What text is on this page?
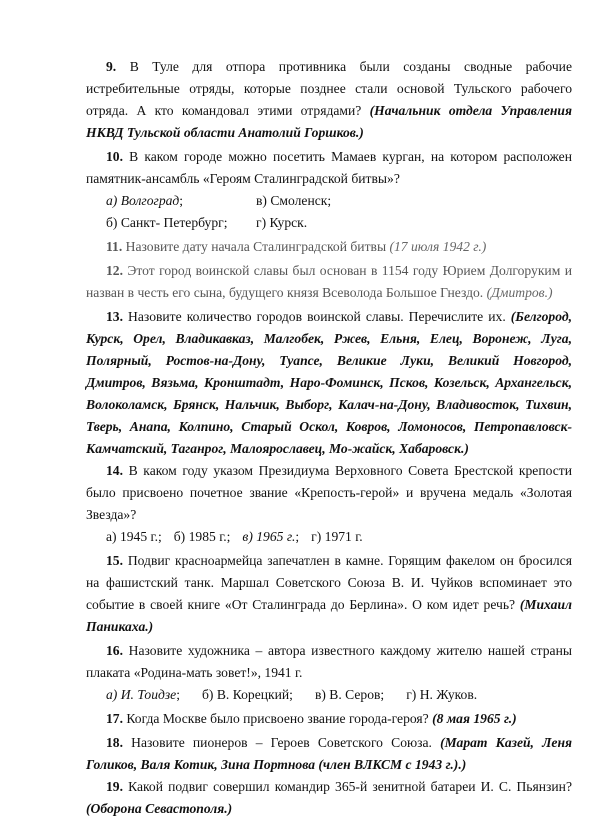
9. В Туле для отпора противника были созданы сводные рабочие истребительные отряды, которые позднее стали основой Тульского рабочего отряда. А кто командовал этими отрядами? (Начальник отдела Управления НКВД Тульской области Анатолий Горшков.)

10. В каком городе можно посетить Мамаев курган, на котором расположен памятник-ансамбль «Героям Сталинградской битвы»?

а) Волгоград;	в) Смоленск;
б) Санкт- Петербург;	г) Курск.

11. Назовите дату начала Сталинградской битвы (17 июля 1942 г.)

12. Этот город воинской славы был основан в 1154 году Юрием Долгоруким и назван в честь его сына, будущего князя Всеволода Большое Гнездо. (Дмитров.)

13. Назовите количество городов воинской славы. Перечислите их. (Белгород, Курск, Орел, Владикавказ, Малгобек, Ржев, Ельня, Елец, Воронеж, Луга, Полярный, Ростов-на-Дону, Туапсе, Великие Луки, Великий Новгород, Дмитров, Вязьма, Кронштадт, Наро-Фоминск, Псков, Козельск, Архангельск, Волоколамск, Брянск, Нальчик, Выборг, Калач-на-Дону, Владивосток, Тихвин, Тверь, Анапа, Колпино, Старый Оскол, Ковров, Ломоносов, Петропавловск-Камчатский, Таганрог, Малоярославец, Мо-жайск, Хабаровск.)

14. В каком году указом Президиума Верховного Совета Брестской крепости было присвоено почетное звание «Крепость-герой» и вручена медаль «Золотая Звезда»?

а) 1945 г.; б) 1985 г.; в) 1965 г.; г) 1971 г.

15. Подвиг красноармейца запечатлен в камне. Горящим факелом он бросился на фашистский танк. Маршал Советского Союза В. И. Чуйков вспоминает это событие в своей книге «От Сталинграда до Берлина». О ком идет речь? (Михаил Паникаха.)

16. Назовите художника – автора известного каждому жителю нашей страны плаката «Родина-мать зовет!», 1941 г.

а) И. Тоидзе; б) В. Корецкий; в) В. Серов; г) Н. Жуков.

17. Когда Москве было присвоено звание города-героя? (8 мая 1965 г.)

18. Назовите пионеров – Героев Советского Союза. (Марат Казей, Леня Голиков, Валя Котик, Зина Портнова (член ВЛКСМ с 1943 г.).)

19. Какой подвиг совершил командир 365-й зенитной батареи И. С. Пьянзин? (Оборона Севастополя.)
